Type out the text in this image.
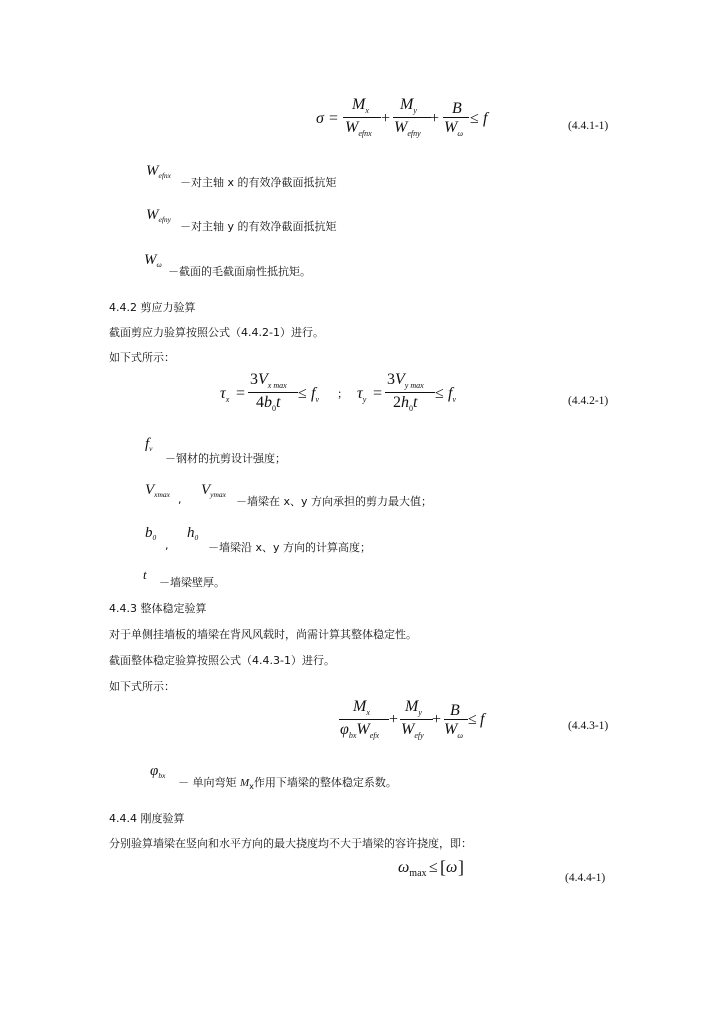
σ =
$M_x$
$W_{efnx}$
+
$M_y$
$W_{efny}$
+
B
$W_\omega$
≤ f	(4.4.1-1)
$W_{efnx}$
－对主轴 x 的有效净截面抵抗矩
$W_{efny}$
－对主轴 y 的有效净截面抵抗矩
$W_\omega$
－截面的毛截面扇性抵抗矩。
4.4.2 剪应力验算
截面剪应力验算按照公式（4.4.2-1）进行。
如下式所示：
$\tau_x$ =
$3V_{x max}$
$4b_0t$
≤ $f_v$ ; $\tau_y$ =
$3V_{y max}$
$2h_0t$
≤ $f_v$	(4.4.2-1)
$f_v$
－钢材的抗剪设计强度；
$V_{xmax}$ ,
$V_{ymax}$
－墙梁在 x、y 方向承担的剪力最大值；
$b_0$
,
$h_0$
－墙梁沿 x、y 方向的计算高度；
t
－墙梁壁厚。
4.4.3 整体稳定验算
对于单侧挂墙板的墙梁在背风风载时，尚需计算其整体稳定性。
截面整体稳定验算按照公式（4.4.3-1）进行。
如下式所示：
$M_x$
$\varphi_{bx}W_{efx}$
+
$M_y$
$W_{efy}$
+
B
$W_\omega$
≤ f	(4.4.3-1)
$\varphi_{bx}$
－ 单向弯矩 $M_x$作用下墙梁的整体稳定系数。
4.4.4 刚度验算
分别验算墙梁在竖向和水平方向的最大挠度均不大于墙梁的容许挠度，即：
$\omega_{max}$ ≤ [ ω ]
(4.4.4-1)
